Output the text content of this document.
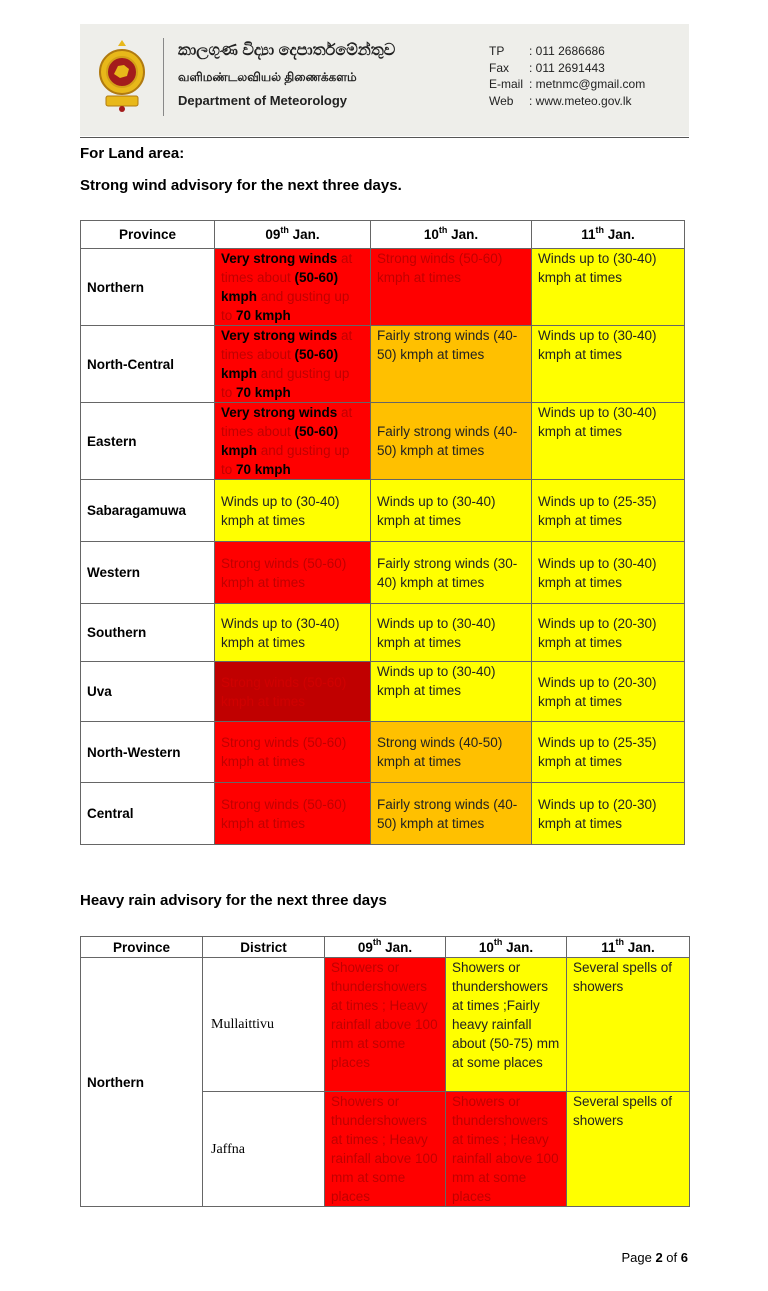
කාලගුණ විද්‍යා දෙපාර්තමේන්තුව
வளிமண்டலவியல் திணைக்களம்
Department of Meteorology
TP	: 011 2686686
Fax	: 011 2691443
E-mail : metnmc@gmail.com
Web	: www.meteo.gov.lk
For Land area:
Strong wind advisory for the next three days.
Province	09th Jan.	10th Jan.	11th Jan.
Northern	Very strong winds at times about (50-60) kmph and gusting up to 70 kmph	Strong winds (50-60) kmph at times	Winds up to (30-40) kmph at times
North-Central	Very strong winds at times about (50-60) kmph and gusting up to 70 kmph	Fairly strong winds (40-50) kmph at times	Winds up to (30-40) kmph at times
Eastern	Very strong winds at times about (50-60) kmph and gusting up to 70 kmph	Fairly strong winds (40-50) kmph at times	Winds up to (30-40) kmph at times
Sabaragamuwa	Winds up to (30-40) kmph at times	Winds up to (30-40) kmph at times	Winds up to (25-35) kmph at times
Western	Strong winds (50-60) kmph at times	Fairly strong winds (30-40) kmph at times	Winds up to (30-40) kmph at times
Southern	Winds up to (30-40) kmph at times	Winds up to (30-40) kmph at times	Winds up to (20-30) kmph at times
Uva	Strong winds (50-60) kmph at times	Winds up to (30-40) kmph at times	Winds up to (20-30) kmph at times
North-Western	Strong winds (50-60) kmph at times	Strong winds (40-50) kmph at times	Winds up to (25-35) kmph at times
Central	Strong winds (50-60) kmph at times	Fairly strong winds (40-50) kmph at times	Winds up to (20-30) kmph at times
Heavy rain advisory for the next three days
Province	District	09th Jan.	10th Jan.	11th Jan.
Northern	Mullaittivu	Showers or thundershowers at times ; Heavy rainfall above 100 mm at some places	Showers or thundershowers at times ;Fairly heavy rainfall about (50-75) mm at some places	Several spells of showers
	Jaffna	Showers or thundershowers at times ; Heavy rainfall above 100 mm at some places	Showers or thundershowers at times ; Heavy rainfall above 100 mm at some places	Several spells of showers
Page 2 of 6
